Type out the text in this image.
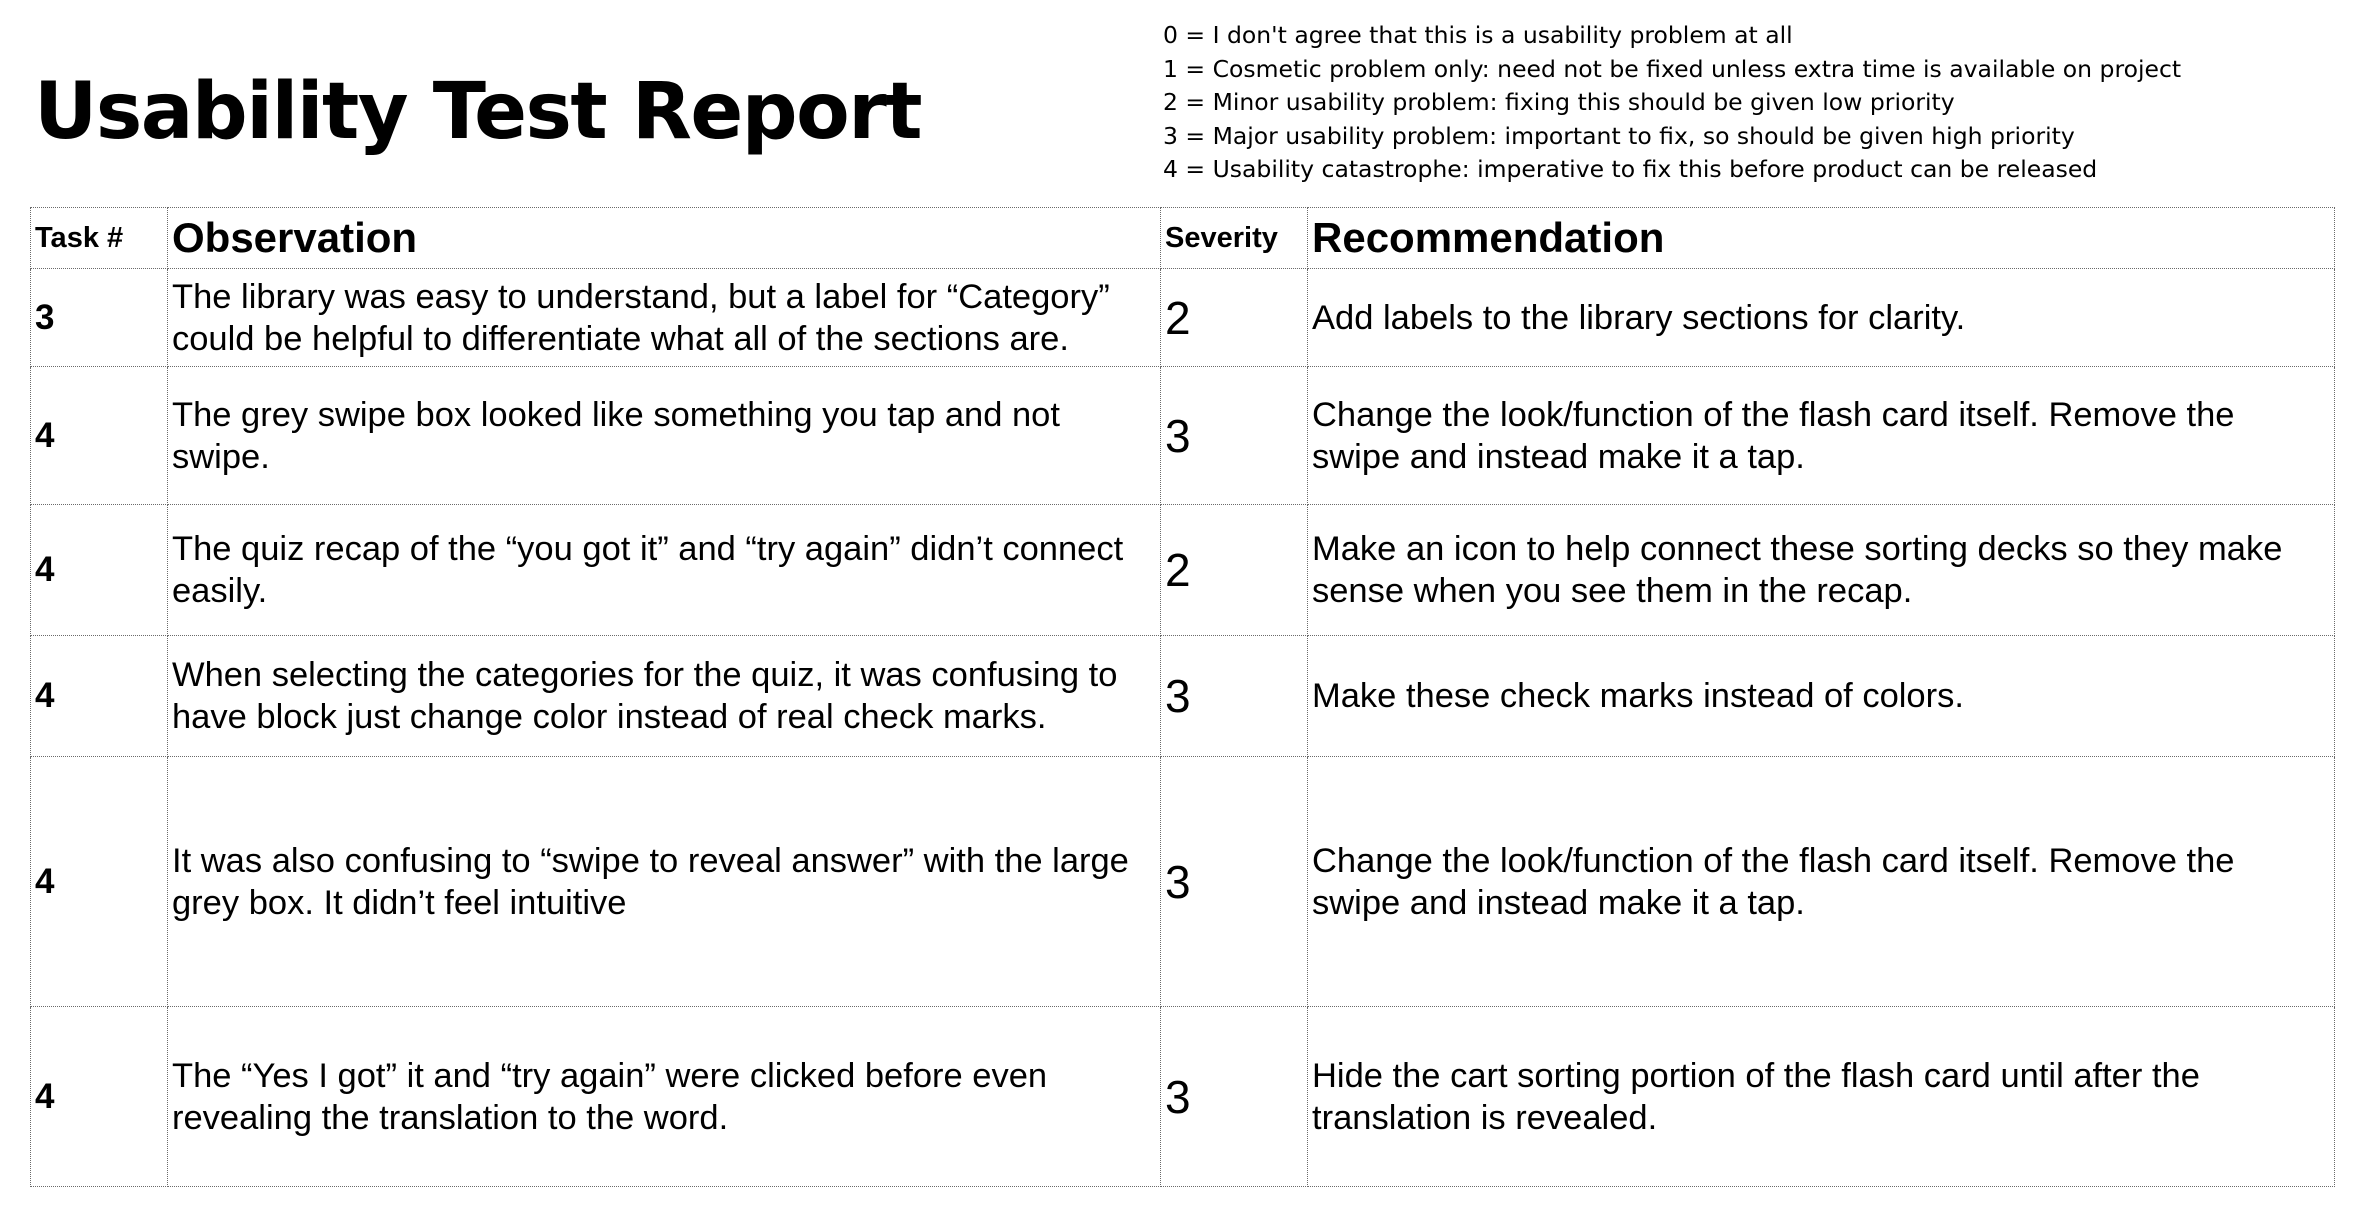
Usability Test Report
0 = I don't agree that this is a usability problem at all
1 = Cosmetic problem only: need not be fixed unless extra time is available on project
2 = Minor usability problem: fixing this should be given low priority
3 = Major usability problem: important to fix, so should be given high priority
4 = Usability catastrophe: imperative to fix this before product can be released
Task #	Observation	Severity	Recommendation
3	The library was easy to understand, but a label for “Category” could be helpful to differentiate what all of the sections are.	2	Add labels to the library sections for clarity.
4	The grey swipe box looked like something you tap and not swipe.	3	Change the look/function of the flash card itself. Remove the swipe and instead make it a tap.
4	The quiz recap of the “you got it” and “try again” didn’t connect easily.	2	Make an icon to help connect these sorting decks so they make sense when you see them in the recap.
4	When selecting the categories for the quiz, it was confusing to have block just change color instead of real check marks.	3	Make these check marks instead of colors.
4	It was also confusing to “swipe to reveal answer” with the large grey box. It didn’t feel intuitive	3	Change the look/function of the flash card itself. Remove the swipe and instead make it a tap.
4	The “Yes I got” it and “try again” were clicked before even revealing the translation to the word.	3	Hide the cart sorting portion of the flash card until after the translation is revealed.
